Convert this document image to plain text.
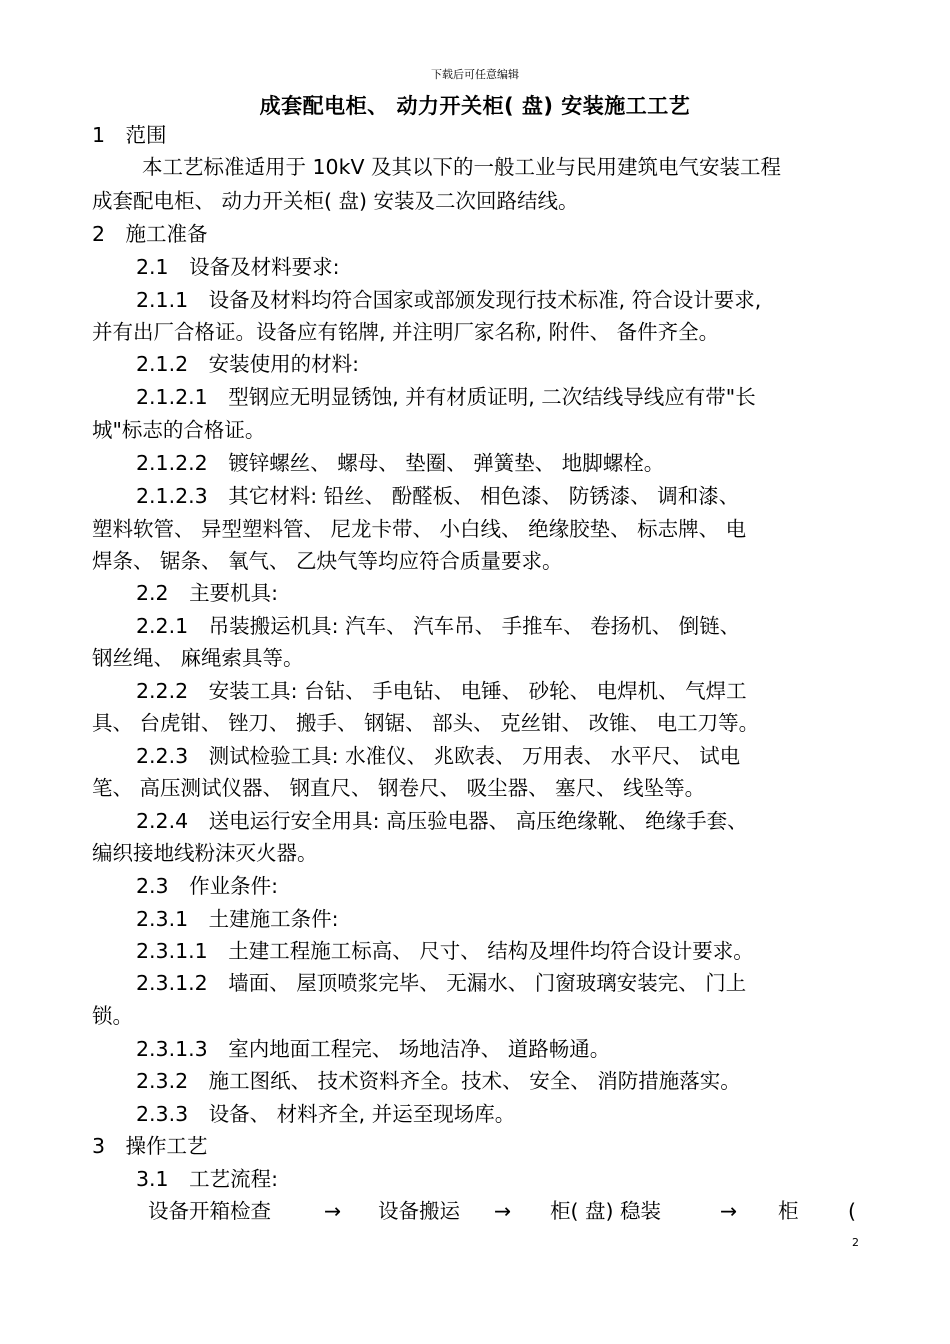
下载后可任意编辑
成套配电柜、 动力开关柜( 盘) 安装施工工艺
1　范围
本工艺标准适用于 10kV 及其以下的一般工业与民用建筑电气安装工程
成套配电柜、 动力开关柜( 盘) 安装及二次回路结线。
2　施工准备
2.1　设备及材料要求:
2.1.1　设备及材料均符合国家或部颁发现行技术标准, 符合设计要求,
并有出厂合格证。设备应有铭牌, 并注明厂家名称, 附件、 备件齐全。
2.1.2　安装使用的材料:
2.1.2.1　型钢应无明显锈蚀, 并有材质证明, 二次结线导线应有带"长
城"标志的合格证。
2.1.2.2　镀锌螺丝、 螺母、 垫圈、 弹簧垫、 地脚螺栓。
2.1.2.3　其它材料: 铅丝、 酚醛板、 相色漆、 防锈漆、 调和漆、
塑料软管、 异型塑料管、 尼龙卡带、 小白线、 绝缘胶垫、 标志牌、 电
焊条、 锯条、 氧气、 乙炔气等均应符合质量要求。
2.2　主要机具:
2.2.1　吊装搬运机具: 汽车、 汽车吊、 手推车、 卷扬机、 倒链、
钢丝绳、 麻绳索具等。
2.2.2　安装工具: 台钻、 手电钻、 电锤、 砂轮、 电焊机、 气焊工
具、 台虎钳、 锉刀、 搬手、 钢锯、 部头、 克丝钳、 改锥、 电工刀等。
2.2.3　测试检验工具: 水准仪、 兆欧表、 万用表、 水平尺、 试电
笔、 高压测试仪器、 钢直尺、 钢卷尺、 吸尘器、 塞尺、 线坠等。
2.2.4　送电运行安全用具: 高压验电器、 高压绝缘靴、 绝缘手套、
编织接地线粉沫灭火器。
2.3　作业条件:
2.3.1　土建施工条件:
2.3.1.1　土建工程施工标高、 尺寸、 结构及埋件均符合设计要求。
2.3.1.2　墙面、 屋顶喷浆完毕、 无漏水、 门窗玻璃安装完、 门上
锁。
2.3.1.3　室内地面工程完、 场地洁净、 道路畅通。
2.3.2　施工图纸、 技术资料齐全。技术、 安全、 消防措施落实。
2.3.3　设备、 材料齐全, 并运至现场库。
3　操作工艺
3.1　工艺流程:
设备开箱检查	→ 设备搬运 → 柜( 盘) 稳装	→ 柜 (
2
